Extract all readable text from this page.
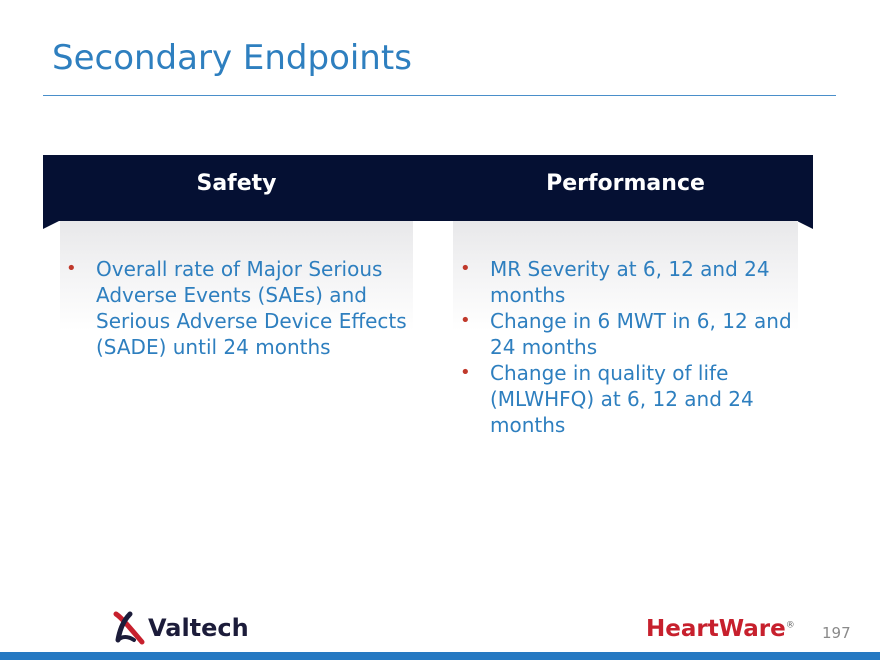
Secondary Endpoints
Safety	Performance
• Overall rate of Major Serious Adverse Events (SAEs) and Serious Adverse Device Effects (SADE) until 24 months
• MR Severity at 6, 12 and 24 months
• Change in 6 MWT in 6, 12 and 24 months
• Change in quality of life (MLWHFQ) at 6, 12 and 24 months
Valtech	HeartWare® 197
